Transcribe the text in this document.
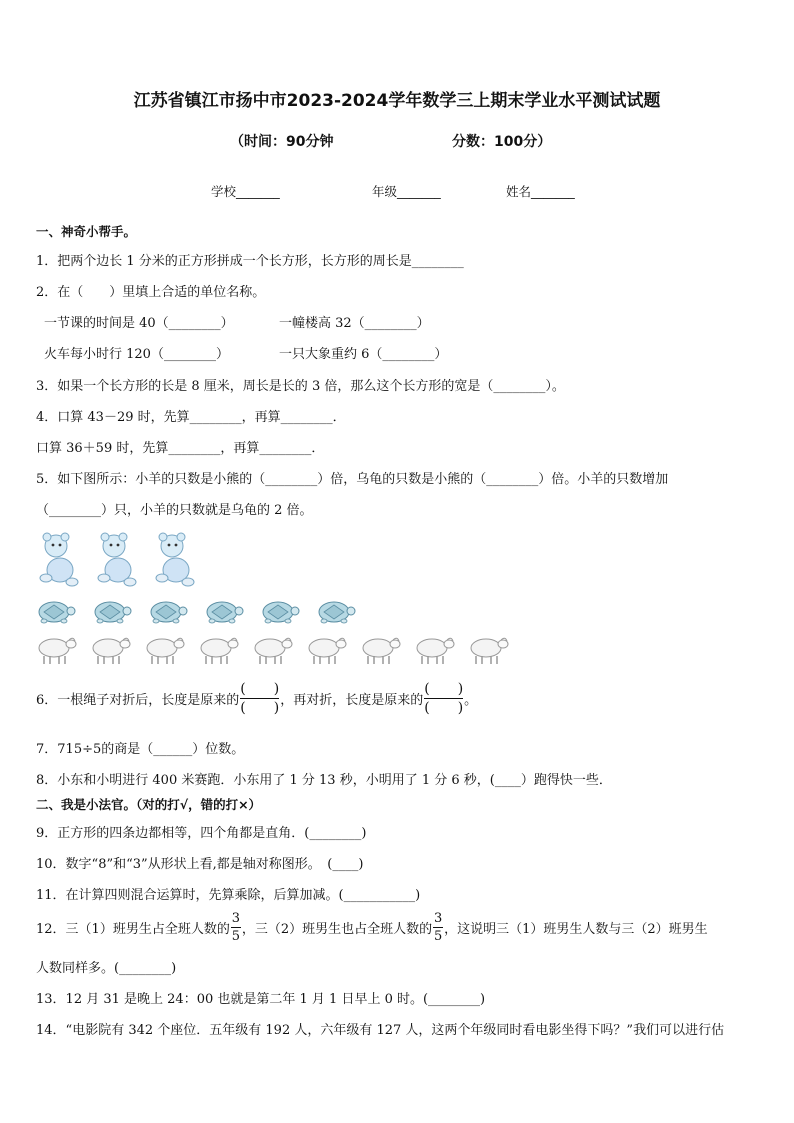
江苏省镇江市扬中市2023-2024学年数学三上期末学业水平测试试题
（时间：90分钟	分数：100分）
学校_______	年级_______	姓名_______
一、神奇小帮手。
1．把两个边长 1 分米的正方形拼成一个长方形，长方形的周长是________
2．在（　　）里填上合适的单位名称。
一节课的时间是 40（________）	一幢楼高 32（________）
火车每小时行 120（________）	一只大象重约 6（________）
3．如果一个长方形的长是 8 厘米，周长是长的 3 倍，那么这个长方形的宽是（________）。
4．口算 43－29 时，先算________，再算________．
口算 36＋59 时，先算________，再算________．
5．如下图所示：小羊的只数是小熊的（________）倍，乌龟的只数是小熊的（________）倍。小羊的只数增加
（________）只，小羊的只数就是乌龟的 2 倍。
6．一根绳子对折后，长度是原来的 $\frac{( )}{( )}$ ，再对折，长度是原来的 $\frac{( )}{( )}$ 。
7．715÷5的商是（______）位数。
8．小东和小明进行 400 米赛跑．小东用了 1 分 13 秒，小明用了 1 分 6 秒，(____）跑得快一些．
二、我是小法官。（对的打√，错的打×）
9．正方形的四条边都相等，四个角都是直角．(________)
10．数字“8”和“3”从形状上看,都是轴对称图形。　(____)
11．在计算四则混合运算时，先算乘除，后算加减。(___________)
12．三（1）班男生占全班人数的 $\frac{3}{5}$ ，三（2）班男生也占全班人数的 $\frac{3}{5}$ ，这说明三（1）班男生人数与三（2）班男生
人数同样多。(________)
13．12 月 31 是晚上 24：00 也就是第二年 1 月 1 日早上 0 时。(________)
14．“电影院有 342 个座位．五年级有 192 人，六年级有 127 人，这两个年级同时看电影坐得下吗？”我们可以进行估
